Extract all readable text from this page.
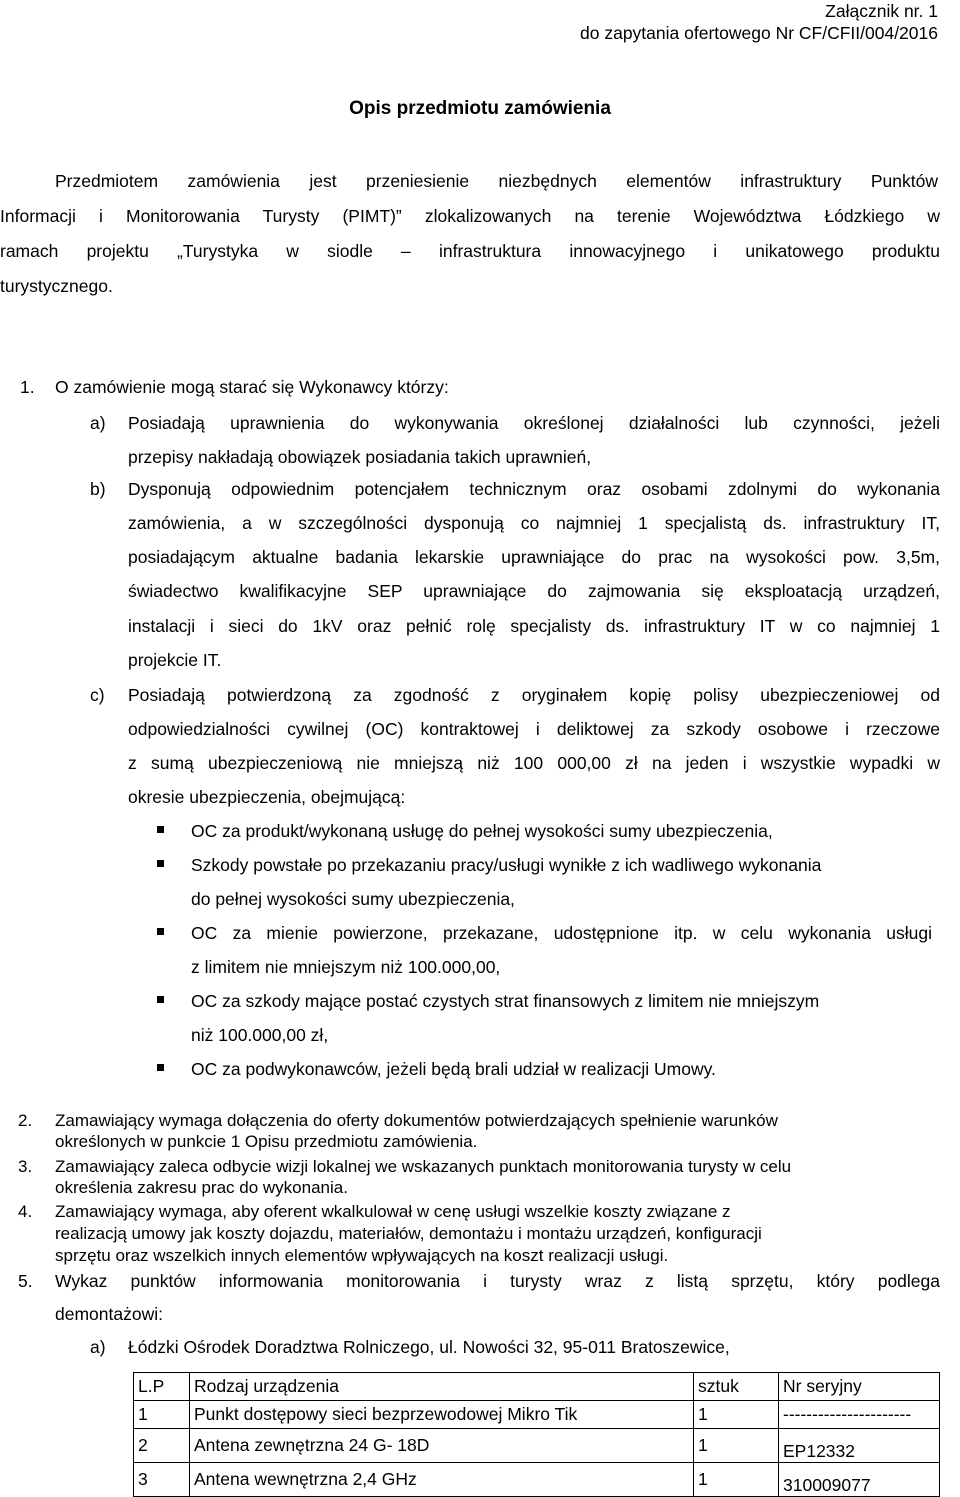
Załącznik nr. 1
do zapytania ofertowego Nr CF/CFII/004/2016
Opis przedmiotu zamówienia
Przedmiotem zamówienia jest przeniesienie niezbędnych elementów infrastruktury Punktów
Informacji i Monitorowania Turysty (PIMT)” zlokalizowanych na terenie Województwa Łódzkiego w
ramach projektu „Turystyka w siodle – infrastruktura innowacyjnego i unikatowego produktu
turystycznego.
1. O zamówienie mogą starać się Wykonawcy którzy:
a) Posiadają uprawnienia do wykonywania określonej działalności lub czynności, jeżeli
przepisy nakładają obowiązek posiadania takich uprawnień,
b) Dysponują odpowiednim potencjałem technicznym oraz osobami zdolnymi do wykonania
zamówienia, a w szczególności dysponują co najmniej 1 specjalistą ds. infrastruktury IT,
posiadającym aktualne badania lekarskie uprawniające do prac na wysokości pow. 3,5m,
świadectwo kwalifikacyjne SEP uprawniające do zajmowania się eksploatacją urządzeń,
instalacji i sieci do 1kV oraz pełnić rolę specjalisty ds. infrastruktury IT w co najmniej 1
projekcie IT.
c) Posiadają potwierdzoną za zgodność z oryginałem kopię polisy ubezpieczeniowej od
odpowiedzialności cywilnej (OC) kontraktowej i deliktowej za szkody osobowe i rzeczowe
z sumą ubezpieczeniową nie mniejszą niż 100 000,00 zł na jeden i wszystkie wypadki w
okresie ubezpieczenia, obejmującą:
OC za produkt/wykonaną usługę do pełnej wysokości sumy ubezpieczenia,
Szkody powstałe po przekazaniu pracy/usługi wynikłe z ich wadliwego wykonania
do pełnej wysokości sumy ubezpieczenia,
OC za mienie powierzone, przekazane, udostępnione itp. w celu wykonania usługi
z limitem nie mniejszym niż 100.000,00,
OC za szkody mające postać czystych strat finansowych z limitem nie mniejszym
niż 100.000,00 zł,
OC za podwykonawców, jeżeli będą brali udział w realizacji Umowy.
2. Zamawiający wymaga dołączenia do oferty dokumentów potwierdzających spełnienie warunków
określonych w punkcie 1 Opisu przedmiotu zamówienia.
3. Zamawiający zaleca odbycie wizji lokalnej we wskazanych punktach monitorowania turysty w celu
określenia zakresu prac do wykonania.
4. Zamawiający wymaga, aby oferent wkalkulował w cenę usługi wszelkie koszty związane z
realizacją umowy jak koszty dojazdu, materiałów, demontażu i montażu urządzeń, konfiguracji
sprzętu oraz wszelkich innych elementów wpływających na koszt realizacji usługi.
5. Wykaz punktów informowania monitorowania i turysty wraz z listą sprzętu, który podlega
demontażowi:
a) Łódzki Ośrodek Doradztwa Rolniczego, ul. Nowości 32, 95-011 Bratoszewice,
L.P	Rodzaj urządzenia	sztuk	Nr seryjny
1	Punkt dostępowy sieci bezprzewodowej Mikro Tik	1	----------------------
2	Antena zewnętrzna 24 G- 18D	1	EP12332
3	Antena wewnętrzna 2,4 GHz	1	310009077
